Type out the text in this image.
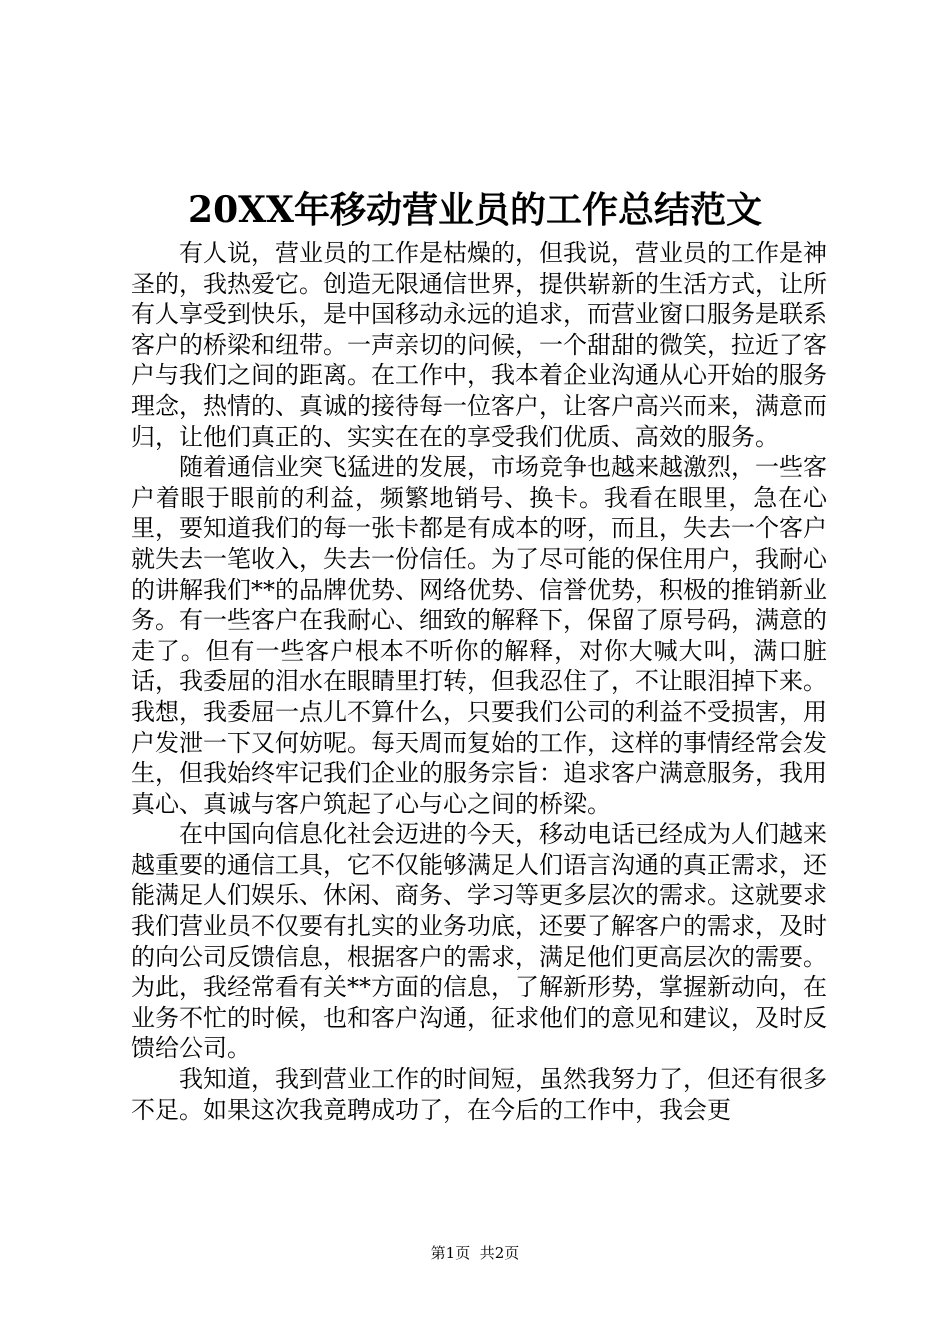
20XX年移动营业员的工作总结范文

有人说，营业员的工作是枯燥的，但我说，营业员的工作是神圣的，我热爱它。创造无限通信世界，提供崭新的生活方式，让所有人享受到快乐，是中国移动永远的追求，而营业窗口服务是联系客户的桥梁和纽带。一声亲切的问候，一个甜甜的微笑，拉近了客户与我们之间的距离。在工作中，我本着企业沟通从心开始的服务理念，热情的、真诚的接待每一位客户，让客户高兴而来，满意而归，让他们真正的、实实在在的享受我们优质、高效的服务。

随着通信业突飞猛进的发展，市场竞争也越来越激烈，一些客户着眼于眼前的利益，频繁地销号、换卡。我看在眼里，急在心里，要知道我们的每一张卡都是有成本的呀，而且，失去一个客户就失去一笔收入，失去一份信任。为了尽可能的保住用户，我耐心的讲解我们**的品牌优势、网络优势、信誉优势，积极的推销新业务。有一些客户在我耐心、细致的解释下，保留了原号码，满意的走了。但有一些客户根本不听你的解释，对你大喊大叫，满口脏话，我委屈的泪水在眼睛里打转，但我忍住了，不让眼泪掉下来。我想，我委屈一点儿不算什么，只要我们公司的利益不受损害，用户发泄一下又何妨呢。每天周而复始的工作，这样的事情经常会发生，但我始终牢记我们企业的服务宗旨：追求客户满意服务，我用真心、真诚与客户筑起了心与心之间的桥梁。

在中国向信息化社会迈进的今天，移动电话已经成为人们越来越重要的通信工具，它不仅能够满足人们语言沟通的真正需求，还能满足人们娱乐、休闲、商务、学习等更多层次的需求。这就要求我们营业员不仅要有扎实的业务功底，还要了解客户的需求，及时的向公司反馈信息，根据客户的需求，满足他们更高层次的需要。为此，我经常看有关**方面的信息，了解新形势，掌握新动向，在业务不忙的时候，也和客户沟通，征求他们的意见和建议，及时反馈给公司。

我知道，我到营业工作的时间短，虽然我努力了，但还有很多不足。如果这次我竟聘成功了，在今后的工作中，我会更

第1页 共2页
